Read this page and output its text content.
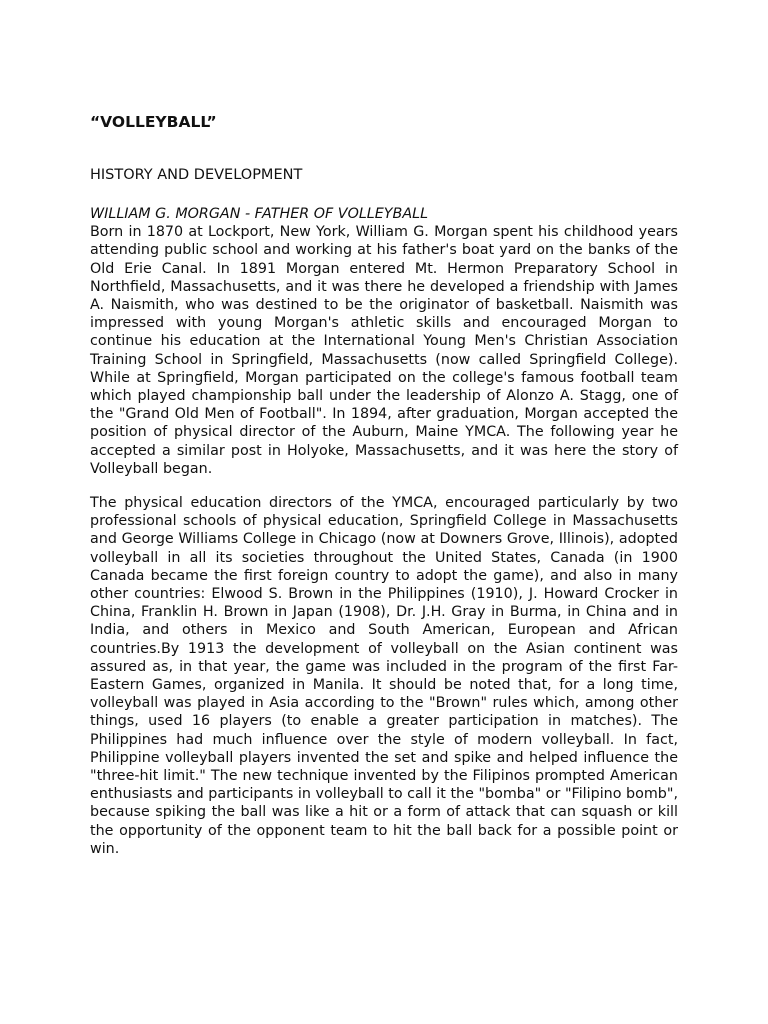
“VOLLEYBALL”
HISTORY AND DEVELOPMENT

WILLIAM G. MORGAN - FATHER OF VOLLEYBALL

Born in 1870 at Lockport, New York, William G. Morgan spent his childhood years attending public school and working at his father's boat yard on the banks of the Old Erie Canal. In 1891 Morgan entered Mt. Hermon Preparatory School in Northfield, Massachusetts, and it was there he developed a friendship with James A. Naismith, who was destined to be the originator of basketball. Naismith was impressed with young Morgan's athletic skills and encouraged Morgan to continue his education at the International Young Men's Christian Association Training School in Springfield, Massachusetts (now called Springfield College). While at Springfield, Morgan participated on the college's famous football team which played championship ball under the leadership of Alonzo A. Stagg, one of the "Grand Old Men of Football". In 1894, after graduation, Morgan accepted the position of physical director of the Auburn, Maine YMCA. The following year he accepted a similar post in Holyoke, Massachusetts, and it was here the story of Volleyball began.

The physical education directors of the YMCA, encouraged particularly by two professional schools of physical education, Springfield College in Massachusetts and George Williams College in Chicago (now at Downers Grove, Illinois), adopted volleyball in all its societies throughout the United States, Canada (in 1900 Canada became the first foreign country to adopt the game), and also in many other countries: Elwood S. Brown in the Philippines (1910), J. Howard Crocker in China, Franklin H. Brown in Japan (1908), Dr. J.H. Gray in Burma, in China and in India, and others in Mexico and South American, European and African countries.By 1913 the development of volleyball on the Asian continent was assured as, in that year, the game was included in the program of the first Far-Eastern Games, organized in Manila. It should be noted that, for a long time, volleyball was played in Asia according to the "Brown" rules which, among other things, used 16 players (to enable a greater participation in matches). The Philippines had much influence over the style of modern volleyball. In fact, Philippine volleyball players invented the set and spike and helped influence the "three-hit limit." The new technique invented by the Filipinos prompted American enthusiasts and participants in volleyball to call it the "bomba" or "Filipino bomb", because spiking the ball was like a hit or a form of attack that can squash or kill the opportunity of the opponent team to hit the ball back for a possible point or win.
